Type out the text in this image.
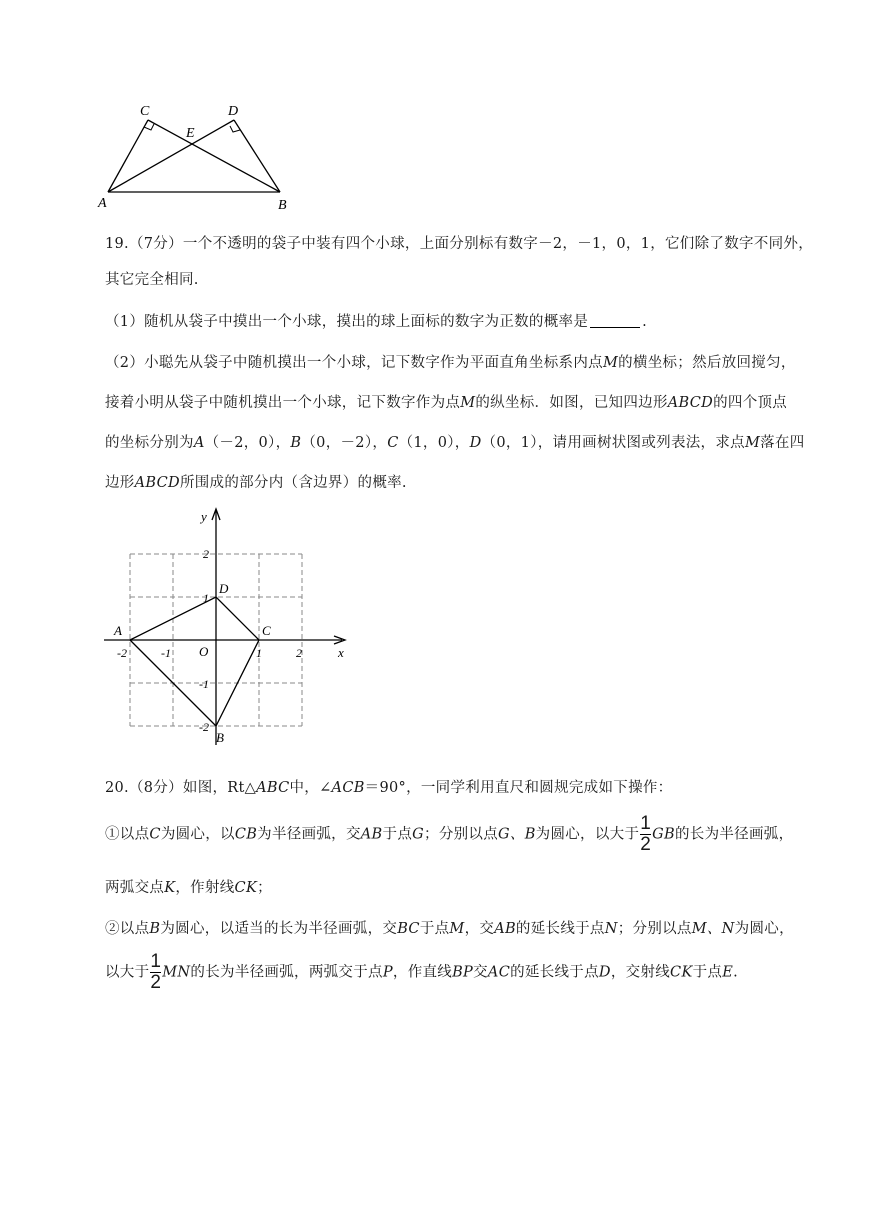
C	D
E
A	B
19.（7分）一个不透明的袋子中装有四个小球，上面分别标有数字－2，－1，0，1，它们除了数字不同外，
其它完全相同.
（1）随机从袋子中摸出一个小球，摸出的球上面标的数字为正数的概率是	.
（2）小聪先从袋子中随机摸出一个小球，记下数字作为平面直角坐标系内点M的横坐标；然后放回搅匀，
接着小明从袋子中随机摸出一个小球，记下数字作为点M的纵坐标．如图，已知四边形ABCD的四个顶点
的坐标分别为A（－2，0），B（0，－2），C（1，0），D（0，1），请用画树状图或列表法，求点M落在四
边形ABCD所围成的部分内（含边界）的概率.
x
y
O
-2	-1	1	2
2
1
-1
-2
A
B
C
D
20.（8分）如图，Rt△ABC中，∠ACB＝90°，一同学利用直尺和圆规完成如下操作：
①以点C为圆心，以CB为半径画弧，交AB于点G；分别以点G、B为圆心，以大于 $\frac{1}{2}$ GB的长为半径画弧，
两弧交点K，作射线CK；
②以点B为圆心，以适当的长为半径画弧，交BC于点M，交AB的延长线于点N；分别以点M、N为圆心，
以大于 $\frac{1}{2}$ MN的长为半径画弧，两弧交于点P，作直线BP交AC的延长线于点D，交射线CK于点E.
